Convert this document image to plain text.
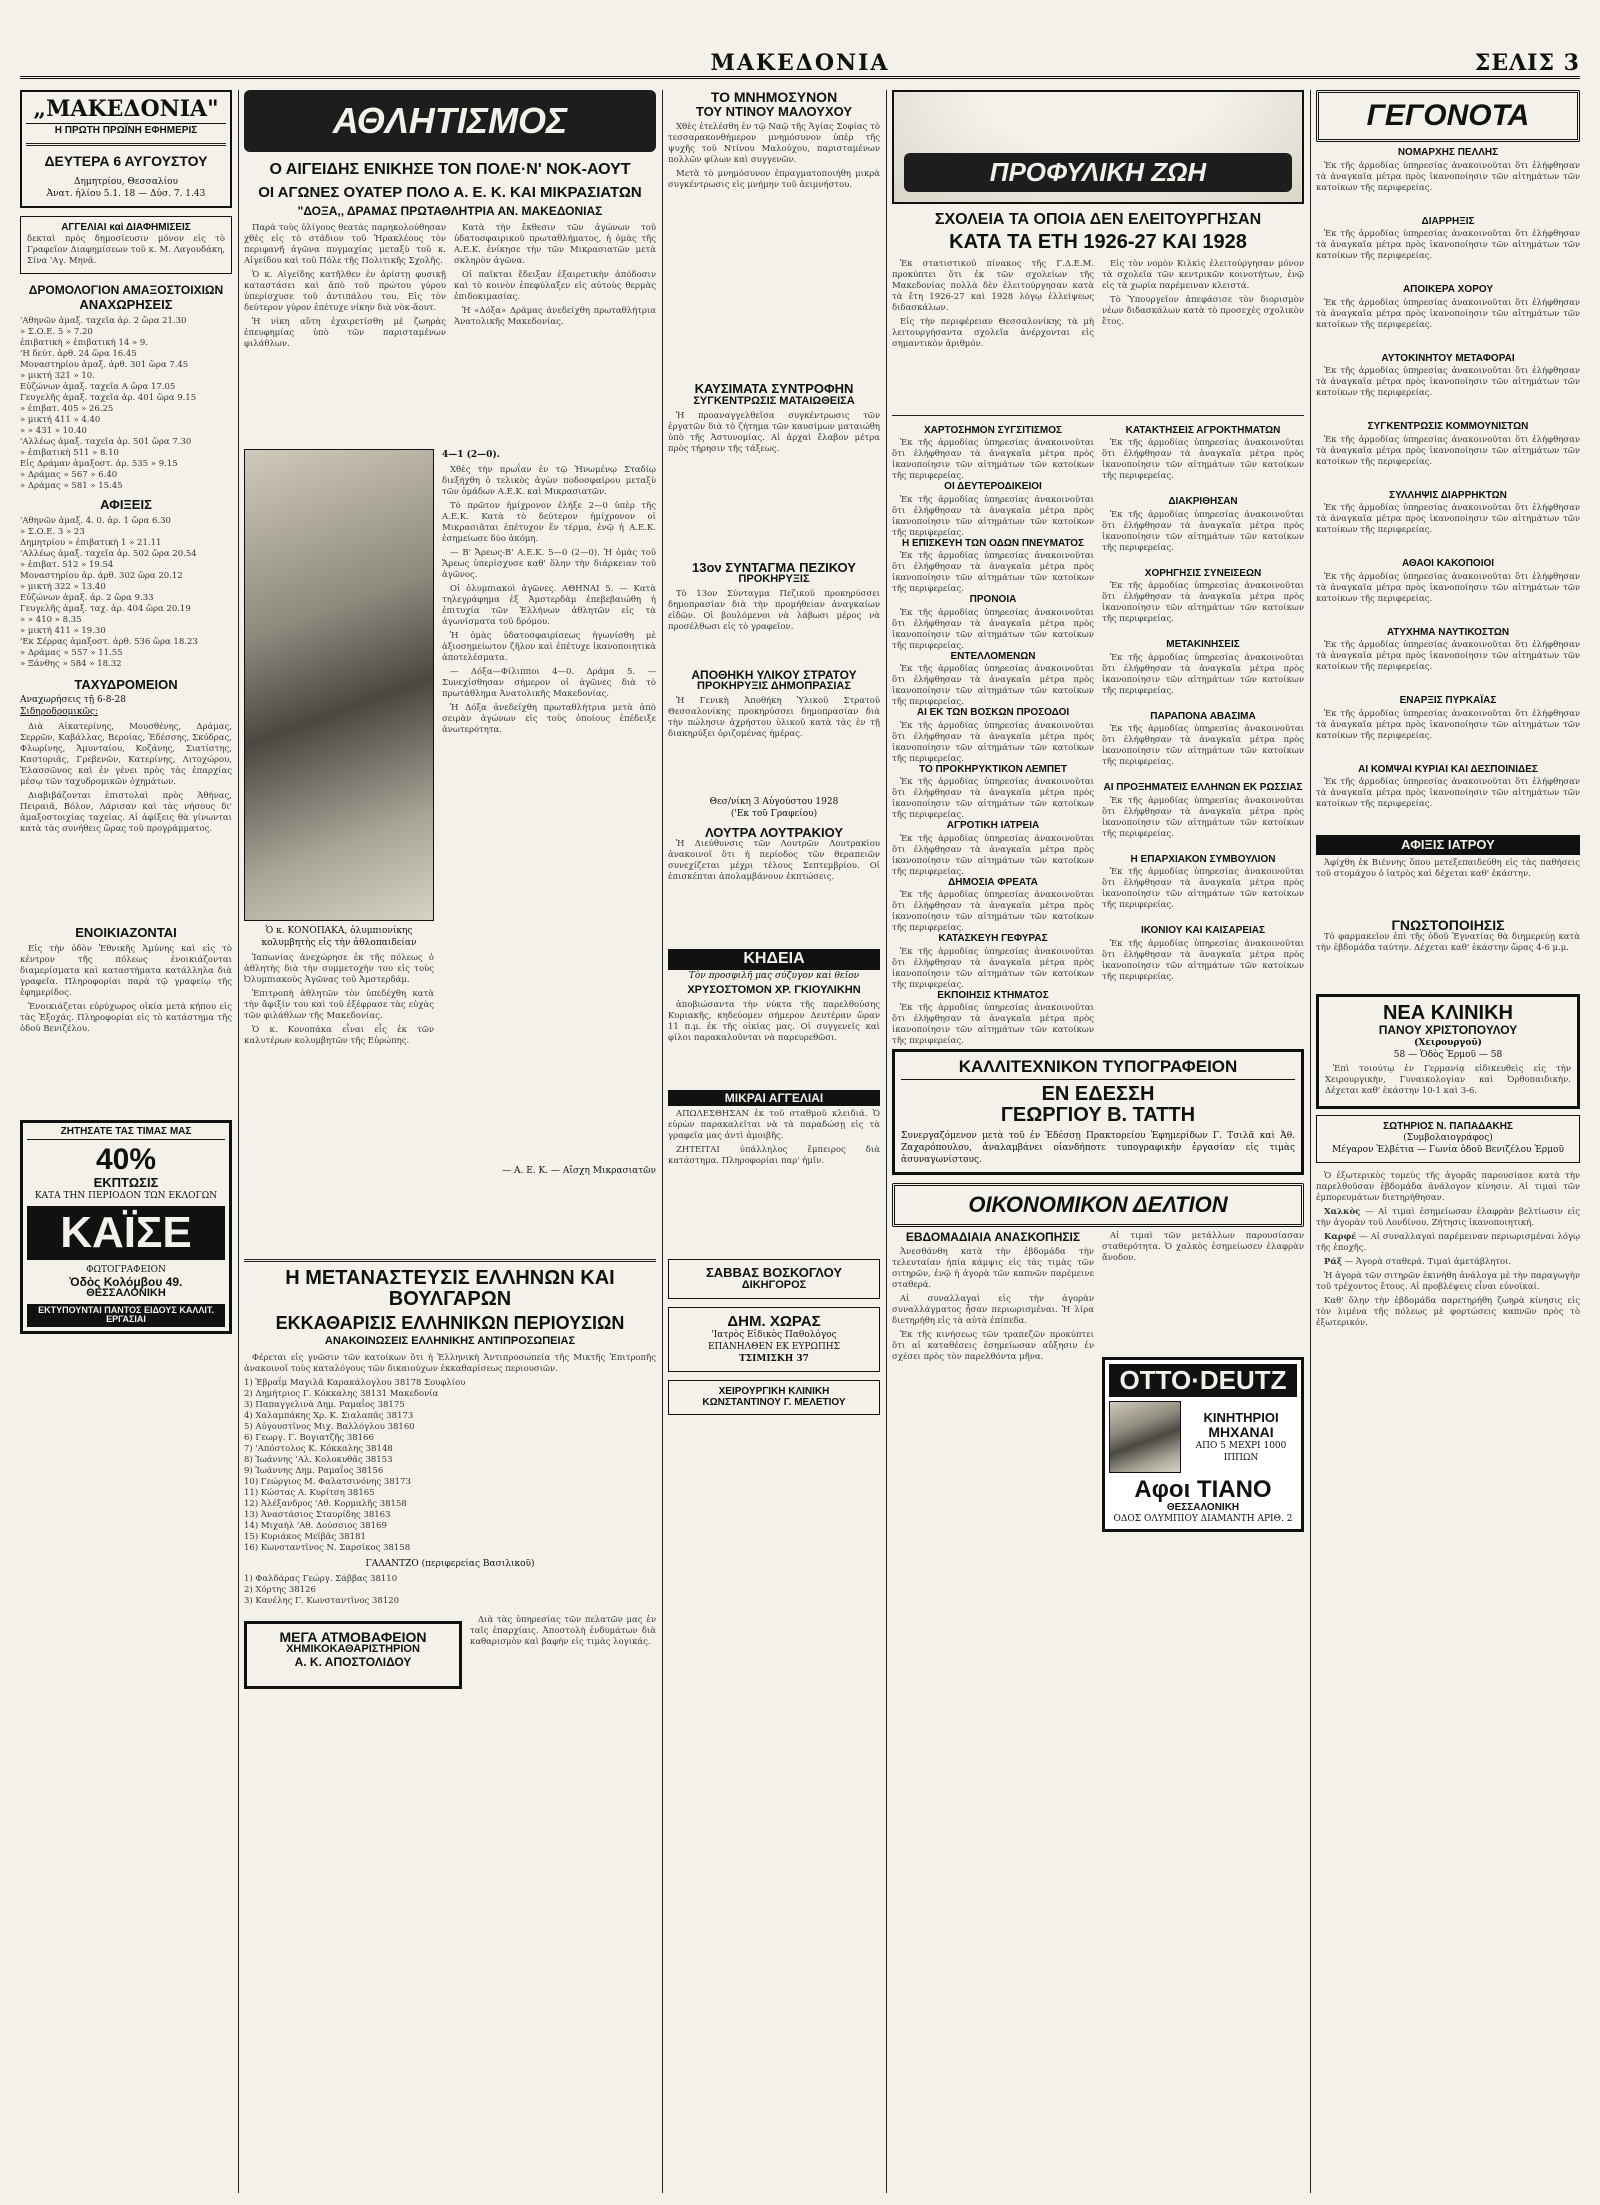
ΜΑΚΕΔΟΝΙΑ	ΣΕΛΙΣ 3
„ΜΑΚΕΔΟΝΙΑ"
Η ΠΡΩΤΗ ΠΡΩΪΝΗ ΕΦΗΜΕΡΙΣ
ΔΕΥΤΕΡΑ 6 ΑΥΓΟΥΣΤΟΥ
Δημητρίου, Θεσσαλίου
Ἀνατ. ἡλίου 5.1. 18 — Δύσ. 7. 1.43
ΑΓΓΕΛΙΑΙ καὶ ΔΙΑΦΗΜΙΣΕΙΣ
δεκταὶ πρὸς δημοσίευσιν μόνον εἰς τὸ Γραφεῖον Διαφημίσεων τοῦ κ. Μ. Λαγουδάκη, Σίνα 'Αγ. Μηνᾶ.
ΔΡΟΜΟΛΟΓΙΟΝ ΑΜΑΞΟΣΤΟΙΧΙΩΝ
ΑΝΑΧΩΡΗΣΕΙΣ
'Αθηνῶν ἀμαξ. ταχεῖα ἀρ. 2 ὥρα 21.30
» Σ.Ο.Ε. 5 » 7.20
ἐπιβατικὴ » ἐπιβατικὴ 14 » 9.
'Η δεύτ. ἀρθ. 24 ὥρα 16.45
Μοναστηρίου ἀμαξ. ἀρθ. 301 ὥρα 7.45
» μικτή 321 » 10.
Εὐζώνων ἀμαξ. ταχεῖα Α ὥρα 17.05
Γευγελῆς ἀμαξ. ταχεῖα ἀρ. 401 ὥρα 9.15
» ἐπιβατ. 405 » 26.25
» μικτή 411 » 4.40
» » 431 » 10.40
'Αλλέως ἀμαξ. ταχεῖα ἀρ. 501 ὥρα 7.30
» ἐπιβατικὴ 511 » 8.10
Εἰς Δράμαν ἀμαξοστ. ἀρ. 535 » 9.15
» Δράμας » 567 » 6.40
» Δράμας » 581 » 15.45
ΑΦΙΞΕΙΣ
'Αθηνῶν ἀμαξ. 4. 0. ἀρ. 1 ὥρα 6.30
» Σ.Ο.Ε. 3 » 23
Δημητρίου » ἐπιβατικὴ 1 » 21.11
'Αλλέως ἀμαξ. ταχεῖα ἀρ. 502 ὥρα 20.54
» ἐπιβατ. 512 » 19.54
Μοναστηρίου ἀρ. ἀρθ. 302 ὥρα 20.12
» μικτή 322 » 13.40
Εὐζώνων ἀμαξ. ἀρ. 2 ὥρα 9.33
Γευγελῆς ἀμαξ. ταχ. ἀρ. 404 ὥρα 20.19
» » 410 » 8.35
» μικτή 411 » 19.30
'Εκ Σέρρας ἀμαξοστ. ἀρθ. 536 ὥρα 18.23
» Δράμας » 557 » 11.55
» Ξάνθης » 584 » 18.32
ΤΑΧΥΔΡΟΜΕΙΟΝ
Αναχωρήσεις τῇ 6-8-28
Σιδηροδρομικῶς:

Διὰ Αἰκατερίνης, Μουσθένης, Δράμας, Σερρῶν, Καβάλλας, Βεροίας, Ἐδέσσης, Σκύδρας, Φλωρίνης, Ἀμυνταίου, Κοζάνης, Σιατίστης, Καστοριᾶς, Γρεβενῶν, Κατερίνης, Λιτοχώρου, Ἐλασσῶνος καὶ ἐν γένει πρὸς τὰς ἐπαρχίας μέσῳ τῶν ταχυδρομικῶν ὁχημάτων.

Διαβιβάζονται ἐπιστολαὶ πρὸς Ἀθήνας, Πειραιᾶ, Βόλον, Λάρισαν καὶ τὰς νήσους δι' ἁμαξοστοιχίας ταχείας. Αἱ ἀφίξεις θὰ γίνωνται κατὰ τὰς συνήθεις ὥρας τοῦ προγράμματος.

ΕΝΟΙΚΙΑΖΟΝΤΑΙ

Εἰς τὴν ὁδὸν Ἐθνικῆς Ἀμύνης καὶ εἰς τὸ κέντρον τῆς πόλεως ἐνοικιάζονται διαμερίσματα καὶ καταστήματα κατάλληλα διὰ γραφεῖα. Πληροφορίαι παρὰ τῷ γραφείῳ τῆς ἐφημερίδος.

Ἐνοικιάζεται εὐρύχωρος οἰκία μετὰ κήπου εἰς τὰς Ἐξοχάς. Πληροφορίαι εἰς τὸ κατάστημα τῆς ὁδοῦ Βενιζέλου.

ΖΗΤΗΣΑΤΕ ΤΑΣ ΤΙΜΑΣ ΜΑΣ
40%
ΕΚΠΤΩΣΙΣ
ΚΑΤΑ ΤΗΝ ΠΕΡΙΟΔΟΝ ΤΩΝ ΕΚΛΟΓΩΝ
ΚΑΪΣΕ
ΦΩΤΟΓΡΑΦΕΙΟΝ
Ὁδὸς Κολόμβου 49.
ΘΕΣΣΑΛΟΝΙΚΗ
ΕΚΤΥΠΟΥΝΤΑΙ ΠΑΝΤΟΣ ΕΙΔΟΥΣ ΚΑΛΛΙΤ. ΕΡΓΑΣΙΑΙ
ΑΘΛΗΤΙΣΜΟΣ
Ο ΑΙΓΕΙΔΗΣ ΕΝΙΚΗΣΕ ΤΟΝ ΠΟΛΕ·Ν' ΝΟΚ-ΑΟΥΤ
ΟΙ ΑΓΩΝΕΣ ΟΥΑΤΕΡ ΠΟΛΟ Α. Ε. Κ. ΚΑΙ ΜΙΚΡΑΣΙΑΤΩΝ
"ΔΟΞΑ,, ΔΡΑΜΑΣ ΠΡΩΤΑΘΛΗΤΡΙΑ ΑΝ. ΜΑΚΕΔΟΝΙΑΣ

Παρὰ τοὺς ὀλίγους θεατὰς παρηκολούθησαν χθὲς εἰς τὸ στάδιον τοῦ Ἡρακλέους τὸν περιφανῆ ἀγῶνα πυγμαχίας μεταξὺ τοῦ κ. Αἰγείδου καὶ τοῦ Πόλε τῆς Πολιτικῆς Σχολῆς.

Ὁ κ. Αἰγείδης κατῆλθεν ἐν ἀρίστῃ φυσικῇ καταστάσει καὶ ἀπὸ τοῦ πρώτου γύρου ὑπερίσχυσε τοῦ ἀντιπάλου του. Εἰς τὸν δεύτερον γύρον ἐπέτυχε νίκην διὰ νὸκ-ἄουτ.

Ἡ νίκη αὕτη ἐχαιρετίσθη μὲ ζωηρὰς ἐπευφημίας ὑπὸ τῶν παρισταμένων φιλάθλων.

Κατὰ τὴν ἔκθεσιν τῶν ἀγώνων τοῦ ὑδατοσφαιρικοῦ πρωταθλήματος, ἡ ὁμὰς τῆς Α.Ε.Κ. ἐνίκησε τὴν τῶν Μικρασιατῶν μετὰ σκληρὸν ἀγῶνα.

Οἱ παῖκται ἔδειξαν ἐξαιρετικὴν ἀπόδοσιν καὶ τὸ κοινὸν ἐπεφύλαξεν εἰς αὐτοὺς θερμὰς ἐπιδοκιμασίας.

Ἡ «Δόξα» Δράμας ἀνεδείχθη πρωταθλήτρια Ἀνατολικῆς Μακεδονίας.

Ὁ κ. ΚΟΝΟΠΑΚΑ, ὀλυμπιονίκης κολυμβητὴς εἰς τὴν ἀθλοπαιδείαν

Ἰαπωνίας ἀνεχώρησε ἐκ τῆς πόλεως ὁ ἀθλητὴς διὰ τὴν συμμετοχὴν του εἰς τοὺς Ὀλυμπιακοὺς Ἀγῶνας τοῦ Ἀμστερδάμ.

Ἐπιτροπὴ ἀθλητῶν τὸν ὑπεδέχθη κατὰ τὴν ἄφιξίν του καὶ τοῦ ἐξέφρασε τὰς εὐχὰς τῶν φιλάθλων τῆς Μακεδονίας.

Ὁ κ. Κονοπάκα εἶναι εἷς ἐκ τῶν καλυτέρων κολυμβητῶν τῆς Εὐρώπης.

4—1 (2—0).

Χθὲς τὴν πρωΐαν ἐν τῷ Ἡνωμένῳ Σταδίῳ διεξήχθη ὁ τελικὸς ἀγὼν ποδοσφαίρου μεταξὺ τῶν ὁμάδων Α.Ε.Κ. καὶ Μικρασιατῶν.

Τὸ πρῶτον ἡμίχρονον ἐλήξε 2—0 ὑπὲρ τῆς Α.Ε.Κ. Κατὰ τὸ δεύτερον ἡμίχρονον οἱ Μικρασιᾶται ἐπέτυχον ἕν τέρμα, ἐνῷ ἡ Α.Ε.Κ. ἐσημείωσε δύο ἀκόμη.

— Β' Ἄρεως-Β' Α.Ε.Κ. 5—0 (2—0). Ἡ ὁμὰς τοῦ Ἄρεως ὑπερίσχυσε καθ' ὅλην τὴν διάρκειαν τοῦ ἀγῶνος.

Οἱ ὀλυμπιακοὶ ἀγῶνες. ΑΘΗΝΑΙ 5. — Κατὰ τηλεγράφημα ἐξ Ἀμστερδὰμ ἐπεβεβαιώθη ἡ ἐπιτυχία τῶν Ἑλλήνων ἀθλητῶν εἰς τὰ ἀγωνίσματα τοῦ δρόμου.

Ἡ ὁμὰς ὑδατοσφαιρίσεως ἠγωνίσθη μὲ ἀξιοσημείωτον ζῆλον καὶ ἐπέτυχε ἱκανοποιητικὰ ἀποτελέσματα.

— Δόξα—Φίλιπποι 4—0. Δράμα 5. — Συνεχίσθησαν σήμερον οἱ ἀγῶνες διὰ τὸ πρωτάθλημα Ἀνατολικῆς Μακεδονίας.

Ἡ Δόξα ἀνεδείχθη πρωταθλήτρια μετὰ ἀπὸ σειρὰν ἀγώνων εἰς τοὺς ὁποίους ἐπέδειξε ἀνωτερότητα.

— Α. Ε. Κ. — Αἴσχη Μικρασιατῶν
Η ΜΕΤΑΝΑΣΤΕΥΣΙΣ ΕΛΛΗΝΩΝ ΚΑΙ ΒΟΥΛΓΑΡΩΝ
ΕΚΚΑΘΑΡΙΣΙΣ ΕΛΛΗΝΙΚΩΝ ΠΕΡΙΟΥΣΙΩΝ
ΑΝΑΚΟΙΝΩΣΕΙΣ ΕΛΛΗΝΙΚΗΣ ΑΝΤΙΠΡΟΣΩΠΕΙΑΣ

Φέρεται εἰς γνῶσιν τῶν κατοίκων ὅτι ἡ Ἑλληνικὴ Ἀντιπροσωπεία τῆς Μικτῆς Ἐπιτροπῆς ἀνακοινοῖ τοὺς καταλόγους τῶν δικαιούχων ἐκκαθαρίσεως περιουσιῶν.

1) Ἐβραΐμ Μαγιλᾶ Καρακάλογλου 38178 Σουφλίου
2) Δημήτριος Γ. Κόκκαλης 38131 Μακεδονία
3) Παπαγγελινὰ Δημ. Ραμαΐος 38175
4) Χαλαμπάκης Χρ. Κ. Σιαλαπᾶς 38173
5) Αὐγουστῖνος Μιχ. Βαλλόγλου 38160
6) Γεωργ. Γ. Βογιατζῆς 38166
7) 'Απόστολος Κ. Κόκκαλης 38148
8) Ἰωάννης 'Αλ. Κολοκυθᾶς 38153
9) Ἰωάννης Δημ. Ραμαΐος 38156
10) Γεώργιος Μ. Φαλατσινόνης 38173
11) Κώστας Α. Κυρίτση 38165
12) Ἀλέξανδρος 'Αθ. Κορμαλῆς 38158
13) Ἀναστάσιος Σταυρίδης 38163
14) Μιχαὴλ 'Αθ. Δούσσιος 38169
15) Κυριάκος Μεϊβᾶς 38181
16) Κωνσταντῖνος Ν. Σαρσίκος 38158
ΓΑΛΑΝΤΖΟ (περιφερείας Βασιλικοῦ)
1) Φαλδάρας Γεώργ. Σάββας 38110
2) Χόρτης 38126
3) Κανέλης Γ. Κωνσταντῖνος 38120
ΜΕΓΑ ΑΤΜΟΒΑΦΕΙΟΝ
ΧΗΜΙΚΟΚΑΘΑΡΙΣΤΗΡΙΟΝ
Α. Κ. ΑΠΟΣΤΟΛΙΔΟΥ

Διὰ τὰς ὑπηρεσίας τῶν πελατῶν μας ἐν ταῖς ἐπαρχίαις. Ἀποστολὴ ἐνδυμάτων διὰ καθαρισμὸν καὶ βαφὴν εἰς τιμὰς λογικάς.

ΤΟ ΜΝΗΜΟΣΥΝΟΝ
ΤΟΥ ΝΤΙΝΟΥ ΜΑΛΟΥΧΟΥ

Χθὲς ἐτελέσθη ἐν τῷ Ναῷ τῆς Ἁγίας Σοφίας τὸ τεσσαρακονθήμερον μνημόσυνον ὑπὲρ τῆς ψυχῆς τοῦ Ντίνου Μαλούχου, παρισταμένων πολλῶν φίλων καὶ συγγενῶν.

Μετὰ τὸ μνημόσυνον ἐπραγματοποιήθη μικρὰ συγκέντρωσις εἰς μνήμην τοῦ ἀειμνήστου.

ΚΑΥΣΙΜΑΤΑ ΣΥΝΤΡΟΦΗΝ
ΣΥΓΚΕΝΤΡΩΣΙΣ ΜΑΤΑΙΩΘΕΙΣΑ

Ἡ προαναγγελθεῖσα συγκέντρωσις τῶν ἐργατῶν διὰ τὸ ζήτημα τῶν καυσίμων ματαιώθη ὑπὸ τῆς Ἀστυνομίας. Αἱ ἀρχαὶ ἔλαβον μέτρα πρὸς τήρησιν τῆς τάξεως.

13ον ΣΥΝΤΑΓΜΑ ΠΕΖΙΚΟΥ
ΠΡΟΚΗΡΥΞΙΣ

Τὸ 13ον Σύνταγμα Πεζικοῦ προκηρύσσει δημοπρασίαν διὰ τὴν προμήθειαν ἀναγκαίων εἰδῶν. Οἱ βουλόμενοι νὰ λάβωσι μέρος νὰ προσέλθωσι εἰς τὸ γραφεῖον.

ΑΠΟΘΗΚΗ ΥΛΙΚΟΥ ΣΤΡΑΤΟΥ
ΠΡΟΚΗΡΥΞΙΣ ΔΗΜΟΠΡΑΣΙΑΣ

Ἡ Γενικὴ Ἀποθήκη Ὑλικοῦ Στρατοῦ Θεσσαλονίκης προκηρύσσει δημοπρασίαν διὰ τὴν πώλησιν ἀχρήστου ὑλικοῦ κατὰ τὰς ἐν τῇ διακηρύξει ὁριζομένας ἡμέρας.

Θεσ/νίκη 3 Αὐγούστου 1928
('Εκ τοῦ Γραφείου)
ΛΟΥΤΡΑ ΛΟΥΤΡΑΚΙΟΥ

Ἡ Διεύθυνσις τῶν Λουτρῶν Λουτρακίου ἀνακοινοῖ ὅτι ἡ περίοδος τῶν θεραπειῶν συνεχίζεται μέχρι τέλους Σεπτεμβρίου. Οἱ ἐπισκέπται ἀπολαμβάνουν ἐκπτώσεις.

ΚΗΔΕΙΑ
Τὸν προσφιλῆ μας σύζυγον καὶ θεῖον
ΧΡΥΣΟΣΤΟΜΟΝ ΧΡ. ΓΚΙΟΥΛΙΚΗΝ

ἀποβιώσαντα τὴν νύκτα τῆς παρελθούσης Κυριακῆς, κηδεύομεν σήμερον Δευτέραν ὥραν 11 π.μ. ἐκ τῆς οἰκίας μας. Οἱ συγγενεῖς καὶ φίλοι παρακαλοῦνται νὰ παρευρεθῶσι.

ΜΙΚΡΑΙ ΑΓΓΕΛΙΑΙ

ΑΠΩΛΕΣΘΗΣΑΝ ἐκ τοῦ σταθμοῦ κλειδιά. Ὁ εὑρὼν παρακαλεῖται νὰ τὰ παραδώσῃ εἰς τὰ γραφεῖα μας ἀντὶ ἀμοιβῆς.

ΖΗΤΕΙΤΑΙ ὑπάλληλος ἔμπειρος διὰ κατάστημα. Πληροφορίαι παρ' ἡμῖν.

ΣΑΒΒΑΣ ΒΟΣΚΟΓΛΟΥ
ΔΙΚΗΓΟΡΟΣ
ΔΗΜ. ΧΩΡΑΣ
'Ιατρὸς Εἰδικὸς Παθολόγος
ΕΠΑΝΗΛΘΕΝ ΕΚ ΕΥΡΩΠΗΣ
ΤΣΙΜΙΣΚΗ 37
ΧΕΙΡΟΥΡΓΙΚΗ ΚΛΙΝΙΚΗ
ΚΩΝΣΤΑΝΤΙΝΟΥ Γ. ΜΕΛΕΤΙΟΥ
ΠΡΟΦΥΛΙΚΗ ΖΩΗ
ΣΧΟΛΕΙΑ ΤΑ ΟΠΟΙΑ ΔΕΝ ΕΛΕΙΤΟΥΡΓΗΣΑΝ
ΚΑΤΑ ΤΑ ΕΤΗ 1926-27 ΚΑΙ 1928

Ἐκ στατιστικοῦ πίνακος τῆς Γ.Δ.Ε.Μ. προκύπτει ὅτι ἐκ τῶν σχολείων τῆς Μακεδονίας πολλὰ δὲν ἐλειτούργησαν κατὰ τὰ ἔτη 1926-27 καὶ 1928 λόγῳ ἐλλείψεως διδασκάλων.

Εἰς τὴν περιφέρειαν Θεσσαλονίκης τὰ μὴ λειτουργήσαντα σχολεῖα ἀνέρχονται εἰς σημαντικὸν ἀριθμόν.

Εἰς τὸν νομὸν Κιλκὶς ἐλειτούργησαν μόνον τὰ σχολεῖα τῶν κεντρικῶν κοινοτήτων, ἐνῷ εἰς τὰ χωρία παρέμειναν κλειστά.

Τὸ Ὑπουργεῖον ἀπεφάσισε τὸν διορισμὸν νέων διδασκάλων κατὰ τὸ προσεχὲς σχολικὸν ἔτος.

ΧΑΡΤΟΣΗΜΟΝ ΣΥΓΣΙΤΙΣΜΟΣ

Ἐκ τῆς ἁρμοδίας ὑπηρεσίας ἀνακοινοῦται ὅτι ἐλήφθησαν τὰ ἀναγκαῖα μέτρα πρὸς ἱκανοποίησιν τῶν αἰτημάτων τῶν κατοίκων τῆς περιφερείας.

ΟΙ ΔΕΥΤΕΡΟΔΙΚΕΙΟΙ

Ἐκ τῆς ἁρμοδίας ὑπηρεσίας ἀνακοινοῦται ὅτι ἐλήφθησαν τὰ ἀναγκαῖα μέτρα πρὸς ἱκανοποίησιν τῶν αἰτημάτων τῶν κατοίκων τῆς περιφερείας.

Η ΕΠΙΣΚΕΥΗ ΤΩΝ ΟΔΩΝ ΠΝΕΥΜΑΤΟΣ

Ἐκ τῆς ἁρμοδίας ὑπηρεσίας ἀνακοινοῦται ὅτι ἐλήφθησαν τὰ ἀναγκαῖα μέτρα πρὸς ἱκανοποίησιν τῶν αἰτημάτων τῶν κατοίκων τῆς περιφερείας.

ΠΡΟΝΟΙΑ

Ἐκ τῆς ἁρμοδίας ὑπηρεσίας ἀνακοινοῦται ὅτι ἐλήφθησαν τὰ ἀναγκαῖα μέτρα πρὸς ἱκανοποίησιν τῶν αἰτημάτων τῶν κατοίκων τῆς περιφερείας.

ΕΝΤΕΛΛΟΜΕΝΩΝ

Ἐκ τῆς ἁρμοδίας ὑπηρεσίας ἀνακοινοῦται ὅτι ἐλήφθησαν τὰ ἀναγκαῖα μέτρα πρὸς ἱκανοποίησιν τῶν αἰτημάτων τῶν κατοίκων τῆς περιφερείας.

ΑΙ ΕΚ ΤΩΝ ΒΟΣΚΩΝ ΠΡΟΣΟΔΟΙ

Ἐκ τῆς ἁρμοδίας ὑπηρεσίας ἀνακοινοῦται ὅτι ἐλήφθησαν τὰ ἀναγκαῖα μέτρα πρὸς ἱκανοποίησιν τῶν αἰτημάτων τῶν κατοίκων τῆς περιφερείας.

ΤΟ ΠΡΟΚΗΡΥΚΤΙΚΟΝ ΛΕΜΠΕΤ

Ἐκ τῆς ἁρμοδίας ὑπηρεσίας ἀνακοινοῦται ὅτι ἐλήφθησαν τὰ ἀναγκαῖα μέτρα πρὸς ἱκανοποίησιν τῶν αἰτημάτων τῶν κατοίκων τῆς περιφερείας.

ΑΓΡΟΤΙΚΗ ΙΑΤΡΕΙΑ

Ἐκ τῆς ἁρμοδίας ὑπηρεσίας ἀνακοινοῦται ὅτι ἐλήφθησαν τὰ ἀναγκαῖα μέτρα πρὸς ἱκανοποίησιν τῶν αἰτημάτων τῶν κατοίκων τῆς περιφερείας.

ΔΗΜΟΣΙΑ ΦΡΕΑΤΑ

Ἐκ τῆς ἁρμοδίας ὑπηρεσίας ἀνακοινοῦται ὅτι ἐλήφθησαν τὰ ἀναγκαῖα μέτρα πρὸς ἱκανοποίησιν τῶν αἰτημάτων τῶν κατοίκων τῆς περιφερείας.

ΚΑΤΑΣΚΕΥΗ ΓΕΦΥΡΑΣ

Ἐκ τῆς ἁρμοδίας ὑπηρεσίας ἀνακοινοῦται ὅτι ἐλήφθησαν τὰ ἀναγκαῖα μέτρα πρὸς ἱκανοποίησιν τῶν αἰτημάτων τῶν κατοίκων τῆς περιφερείας.

ΕΚΠΟΙΗΣΙΣ ΚΤΗΜΑΤΟΣ

Ἐκ τῆς ἁρμοδίας ὑπηρεσίας ἀνακοινοῦται ὅτι ἐλήφθησαν τὰ ἀναγκαῖα μέτρα πρὸς ἱκανοποίησιν τῶν αἰτημάτων τῶν κατοίκων τῆς περιφερείας.

ΚΑΤΑΚΤΗΣΕΙΣ ΑΓΡΟΚΤΗΜΑΤΩΝ

Ἐκ τῆς ἁρμοδίας ὑπηρεσίας ἀνακοινοῦται ὅτι ἐλήφθησαν τὰ ἀναγκαῖα μέτρα πρὸς ἱκανοποίησιν τῶν αἰτημάτων τῶν κατοίκων τῆς περιφερείας.

ΔΙΑΚΡΙΘΗΣΑΝ

Ἐκ τῆς ἁρμοδίας ὑπηρεσίας ἀνακοινοῦται ὅτι ἐλήφθησαν τὰ ἀναγκαῖα μέτρα πρὸς ἱκανοποίησιν τῶν αἰτημάτων τῶν κατοίκων τῆς περιφερείας.

ΧΟΡΗΓΗΣΙΣ ΣΥΝΕΙΣΕΩΝ

Ἐκ τῆς ἁρμοδίας ὑπηρεσίας ἀνακοινοῦται ὅτι ἐλήφθησαν τὰ ἀναγκαῖα μέτρα πρὸς ἱκανοποίησιν τῶν αἰτημάτων τῶν κατοίκων τῆς περιφερείας.

ΜΕΤΑΚΙΝΗΣΕΙΣ

Ἐκ τῆς ἁρμοδίας ὑπηρεσίας ἀνακοινοῦται ὅτι ἐλήφθησαν τὰ ἀναγκαῖα μέτρα πρὸς ἱκανοποίησιν τῶν αἰτημάτων τῶν κατοίκων τῆς περιφερείας.

ΠΑΡΑΠΟΝΑ ΑΒΑΣΙΜΑ

Ἐκ τῆς ἁρμοδίας ὑπηρεσίας ἀνακοινοῦται ὅτι ἐλήφθησαν τὰ ἀναγκαῖα μέτρα πρὸς ἱκανοποίησιν τῶν αἰτημάτων τῶν κατοίκων τῆς περιφερείας.

ΑΙ ΠΡΟΞΗΜΑΤΕΙΣ ΕΛΛΗΝΩΝ ΕΚ ΡΩΣΣΙΑΣ

Ἐκ τῆς ἁρμοδίας ὑπηρεσίας ἀνακοινοῦται ὅτι ἐλήφθησαν τὰ ἀναγκαῖα μέτρα πρὸς ἱκανοποίησιν τῶν αἰτημάτων τῶν κατοίκων τῆς περιφερείας.

Η ΕΠΑΡΧΙΑΚΟΝ ΣΥΜΒΟΥΛΙΟΝ

Ἐκ τῆς ἁρμοδίας ὑπηρεσίας ἀνακοινοῦται ὅτι ἐλήφθησαν τὰ ἀναγκαῖα μέτρα πρὸς ἱκανοποίησιν τῶν αἰτημάτων τῶν κατοίκων τῆς περιφερείας.

ΙΚΟΝΙΟΥ ΚΑΙ ΚΑΙΣΑΡΕΙΑΣ

Ἐκ τῆς ἁρμοδίας ὑπηρεσίας ἀνακοινοῦται ὅτι ἐλήφθησαν τὰ ἀναγκαῖα μέτρα πρὸς ἱκανοποίησιν τῶν αἰτημάτων τῶν κατοίκων τῆς περιφερείας.

ΚΑΛΛΙΤΕΧΝΙΚΟΝ ΤΥΠΟΓΡΑΦΕΙΟΝ
ΕΝ ΕΔΕΣΣΗ
ΓΕΩΡΓΙΟΥ Β. ΤΑΤΤΗ
Συνεργαζόμενον μετὰ τοῦ ἐν Ἐδέσσῃ Πρακτορείου Ἐφημερίδων Γ. Τσιλᾶ καὶ Ἀθ. Ζαχαρόπουλου, ἀναλαμβάνει οἱανδήποτε τυπογραφικὴν ἐργασίαν εἰς τιμὰς ἀσυναγωνίστους.
ΟΙΚΟΝΟΜΙΚΟΝ ΔΕΛΤΙΟΝ
ΕΒΔΟΜΑΔΙΑΙΑ ΑΝΑΣΚΟΠΗΣΙΣ

Ἀνεσθάνθη κατὰ τὴν ἑβδομάδα τὴν τελευταίαν ἠπία κάμψις εἰς τὰς τιμὰς τῶν σιτηρῶν, ἐνῷ ἡ ἀγορὰ τῶν καπνῶν παρέμεινε σταθερά.

Αἱ συναλλαγαὶ εἰς τὴν ἀγορὰν συναλλάγματος ἦσαν περιωρισμέναι. Ἡ λίρα διετηρήθη εἰς τὰ αὐτὰ ἐπίπεδα.

Ἐκ τῆς κινήσεως τῶν τραπεζῶν προκύπτει ὅτι αἱ καταθέσεις ἐσημείωσαν αὔξησιν ἐν σχέσει πρὸς τὸν παρελθόντα μῆνα.

Αἱ τιμαὶ τῶν μετάλλων παρουσίασαν σταθερότητα. Ὁ χαλκὸς ἐσημείωσεν ἐλαφρὰν ἄνοδον.

OTTO·DEUTZ
ΚΙΝΗΤΗΡΙΟΙ
ΜΗΧΑΝΑΙ
ΑΠΟ 5 ΜΕΧΡΙ 1000 ΙΠΠΩΝ
Αφοι ΤΙΑΝΟ
ΘΕΣΣΑΛΟΝΙΚΗ
ΟΔΟΣ ΟΛΥΜΠΙΟΥ ΔΙΑΜΑΝΤΗ ΑΡΙΘ. 2
ΓΕΓΟΝΟΤΑ
ΝΟΜΑΡΧΗΣ ΠΕΛΛΗΣ

Ἐκ τῆς ἁρμοδίας ὑπηρεσίας ἀνακοινοῦται ὅτι ἐλήφθησαν τὰ ἀναγκαῖα μέτρα πρὸς ἱκανοποίησιν τῶν αἰτημάτων τῶν κατοίκων τῆς περιφερείας.

ΔΙΑΡΡΗΞΙΣ

Ἐκ τῆς ἁρμοδίας ὑπηρεσίας ἀνακοινοῦται ὅτι ἐλήφθησαν τὰ ἀναγκαῖα μέτρα πρὸς ἱκανοποίησιν τῶν αἰτημάτων τῶν κατοίκων τῆς περιφερείας.

ΑΠΟΙΚΕΡΑ ΧΟΡΟΥ

Ἐκ τῆς ἁρμοδίας ὑπηρεσίας ἀνακοινοῦται ὅτι ἐλήφθησαν τὰ ἀναγκαῖα μέτρα πρὸς ἱκανοποίησιν τῶν αἰτημάτων τῶν κατοίκων τῆς περιφερείας.

ΑΥΤΟΚΙΝΗΤΟΥ ΜΕΤΑΦΟΡΑΙ

Ἐκ τῆς ἁρμοδίας ὑπηρεσίας ἀνακοινοῦται ὅτι ἐλήφθησαν τὰ ἀναγκαῖα μέτρα πρὸς ἱκανοποίησιν τῶν αἰτημάτων τῶν κατοίκων τῆς περιφερείας.

ΣΥΓΚΕΝΤΡΩΣΙΣ ΚΟΜΜΟΥΝΙΣΤΩΝ

Ἐκ τῆς ἁρμοδίας ὑπηρεσίας ἀνακοινοῦται ὅτι ἐλήφθησαν τὰ ἀναγκαῖα μέτρα πρὸς ἱκανοποίησιν τῶν αἰτημάτων τῶν κατοίκων τῆς περιφερείας.

ΣΥΛΛΗΨΙΣ ΔΙΑΡΡΗΚΤΩΝ

Ἐκ τῆς ἁρμοδίας ὑπηρεσίας ἀνακοινοῦται ὅτι ἐλήφθησαν τὰ ἀναγκαῖα μέτρα πρὸς ἱκανοποίησιν τῶν αἰτημάτων τῶν κατοίκων τῆς περιφερείας.

ΑΘΑΟΙ ΚΑΚΟΠΟΙΟΙ

Ἐκ τῆς ἁρμοδίας ὑπηρεσίας ἀνακοινοῦται ὅτι ἐλήφθησαν τὰ ἀναγκαῖα μέτρα πρὸς ἱκανοποίησιν τῶν αἰτημάτων τῶν κατοίκων τῆς περιφερείας.

ΑΤΥΧΗΜΑ ΝΑΥΤΙΚΟΣΤΩΝ

Ἐκ τῆς ἁρμοδίας ὑπηρεσίας ἀνακοινοῦται ὅτι ἐλήφθησαν τὰ ἀναγκαῖα μέτρα πρὸς ἱκανοποίησιν τῶν αἰτημάτων τῶν κατοίκων τῆς περιφερείας.

ΕΝΑΡΞΙΣ ΠΥΡΚΑΪΑΣ

Ἐκ τῆς ἁρμοδίας ὑπηρεσίας ἀνακοινοῦται ὅτι ἐλήφθησαν τὰ ἀναγκαῖα μέτρα πρὸς ἱκανοποίησιν τῶν αἰτημάτων τῶν κατοίκων τῆς περιφερείας.

ΑΙ ΚΟΜΨΑΙ ΚΥΡΙΑΙ ΚΑΙ ΔΕΣΠΟΙΝΙΔΕΣ

Ἐκ τῆς ἁρμοδίας ὑπηρεσίας ἀνακοινοῦται ὅτι ἐλήφθησαν τὰ ἀναγκαῖα μέτρα πρὸς ἱκανοποίησιν τῶν αἰτημάτων τῶν κατοίκων τῆς περιφερείας.

ΑΦΙΞΙΣ ΙΑΤΡΟΥ

Ἀφίχθη ἐκ Βιέννης ὅπου μετεξεπαιδεύθη εἰς τὰς παθήσεις τοῦ στομάχου ὁ ἰατρὸς καὶ δέχεται καθ' ἑκάστην.

ΓΝΩΣΤΟΠΟΙΗΣΙΣ

Τὸ φαρμακεῖον ἐπὶ τῆς ὁδοῦ Ἐγνατίας θὰ διημερεύῃ κατὰ τὴν ἐβδομάδα ταύτην. Δέχεται καθ' ἑκάστην ὥρας 4-6 μ.μ.

ΝΕΑ ΚΛΙΝΙΚΗ
ΠΑΝΟΥ ΧΡΙΣΤΟΠΟΥΛΟΥ
(Χειρουργοῦ)
58 — Ὁδὸς Ἑρμοῦ — 58

Ἐπὶ τοιούτῳ ἐν Γερμανίᾳ εἰδικευθεὶς εἰς τὴν Χειρουργικὴν, Γυναικολογίαν καὶ Ὀρθοπαιδικὴν. Δέχεται καθ' ἑκάστην 10-1 καὶ 3-6.

ΣΩΤΗΡΙΟΣ Ν. ΠΑΠΑΔΑΚΗΣ
(Συμβολαιογράφος)
Μέγαρον Ἐλβέτια — Γωνία ὁδοῦ Βενιζέλου Ἑρμοῦ

Ὁ ἐξωτερικὸς τομεὺς τῆς ἀγορᾶς παρουσίασε κατὰ τὴν παρελθοῦσαν ἑβδομάδα ἀνάλογον κίνησιν. Αἱ τιμαὶ τῶν ἐμπορευμάτων διετηρήθησαν.

Χαλκὸς — Αἱ τιμαὶ ἐσημείωσαν ἐλαφρὰν βελτίωσιν εἰς τὴν ἀγορὰν τοῦ Λονδίνου. Ζήτησις ἱκανοποιητική.

Καρφέ — Αἱ συναλλαγαὶ παρέμειναν περιωρισμέναι λόγῳ τῆς ἐποχῆς.

Ράξ — Ἀγορὰ σταθερά. Τιμαὶ ἀμετάβλητοι.

Ἡ ἀγορὰ τῶν σιτηρῶν ἐκινήθη ἀνάλογα μὲ τὴν παραγωγὴν τοῦ τρέχοντος ἔτους. Αἱ προβλέψεις εἶναι εὐνοϊκαί.

Καθ' ὅλην τὴν ἑβδομάδα παρετηρήθη ζωηρὰ κίνησις εἰς τὸν λιμένα τῆς πόλεως μὲ φορτώσεις καπνῶν πρὸς τὸ ἐξωτερικόν.
